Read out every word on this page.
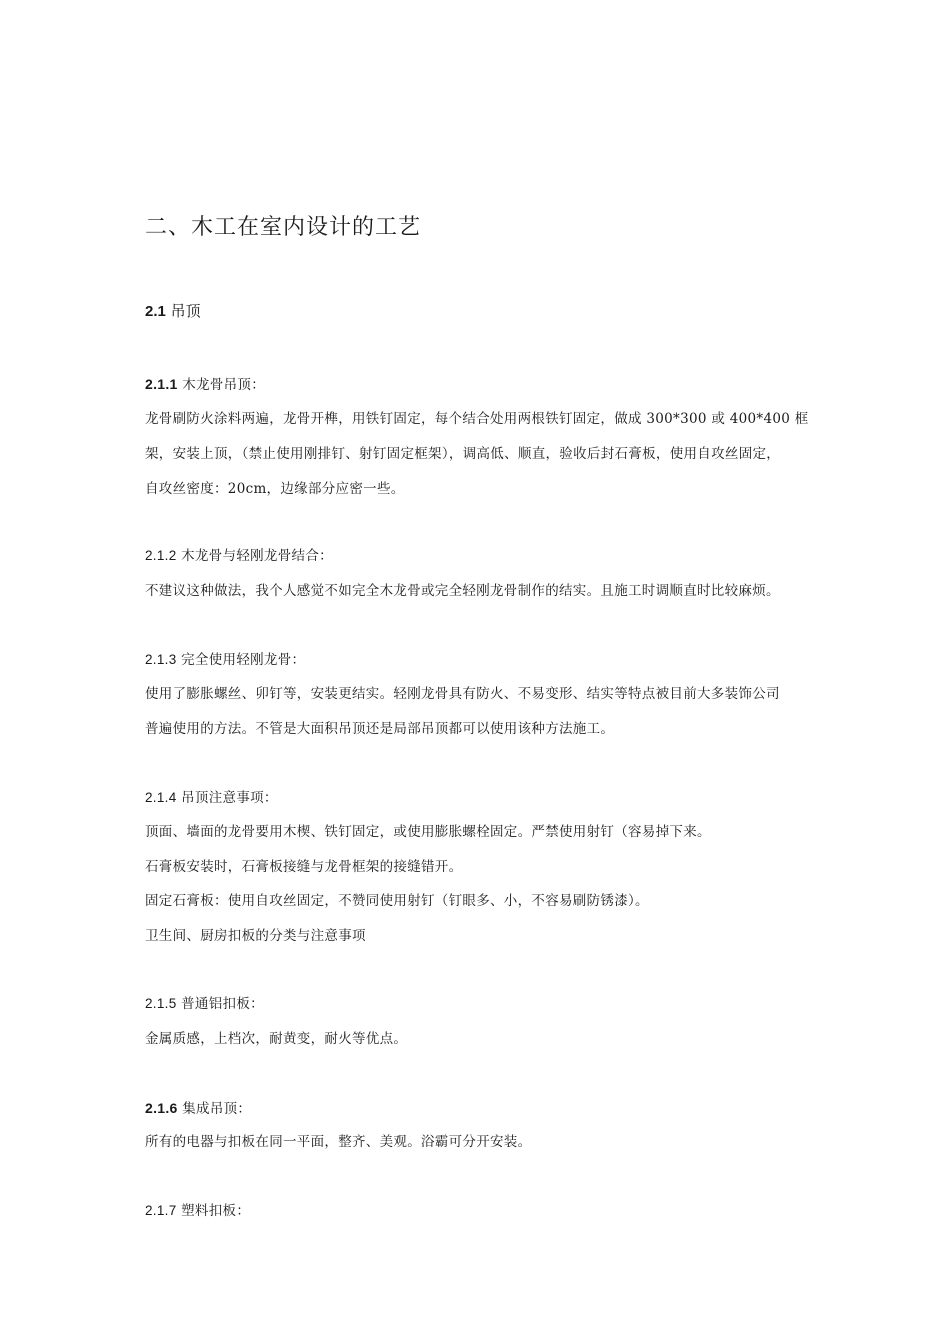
二、木工在室内设计的工艺
2.1 吊顶
2.1.1 木龙骨吊顶：
龙骨刷防火涂料两遍，龙骨开榫，用铁钉固定，每个结合处用两根铁钉固定，做成 300*300 或 400*400 框
架，安装上顶，（禁止使用刚排钉、射钉固定框架），调高低、顺直，验收后封石膏板，使用自攻丝固定，
自攻丝密度：20cm，边缘部分应密一些。
2.1.2 木龙骨与轻刚龙骨结合：
不建议这种做法，我个人感觉不如完全木龙骨或完全轻刚龙骨制作的结实。且施工时调顺直时比较麻烦。
2.1.3 完全使用轻刚龙骨：
使用了膨胀螺丝、卯钉等，安装更结实。轻刚龙骨具有防火、不易变形、结实等特点被目前大多装饰公司
普遍使用的方法。不管是大面积吊顶还是局部吊顶都可以使用该种方法施工。
2.1.4 吊顶注意事项：
顶面、墙面的龙骨要用木楔、铁钉固定，或使用膨胀螺栓固定。严禁使用射钉（容易掉下来。
石膏板安装时，石膏板接缝与龙骨框架的接缝错开。
固定石膏板：使用自攻丝固定，不赞同使用射钉（钉眼多、小，不容易刷防锈漆）。
卫生间、厨房扣板的分类与注意事项
2.1.5 普通铝扣板：
金属质感，上档次，耐黄变，耐火等优点。
2.1.6 集成吊顶：
所有的电器与扣板在同一平面，整齐、美观。浴霸可分开安装。
2.1.7 塑料扣板：
